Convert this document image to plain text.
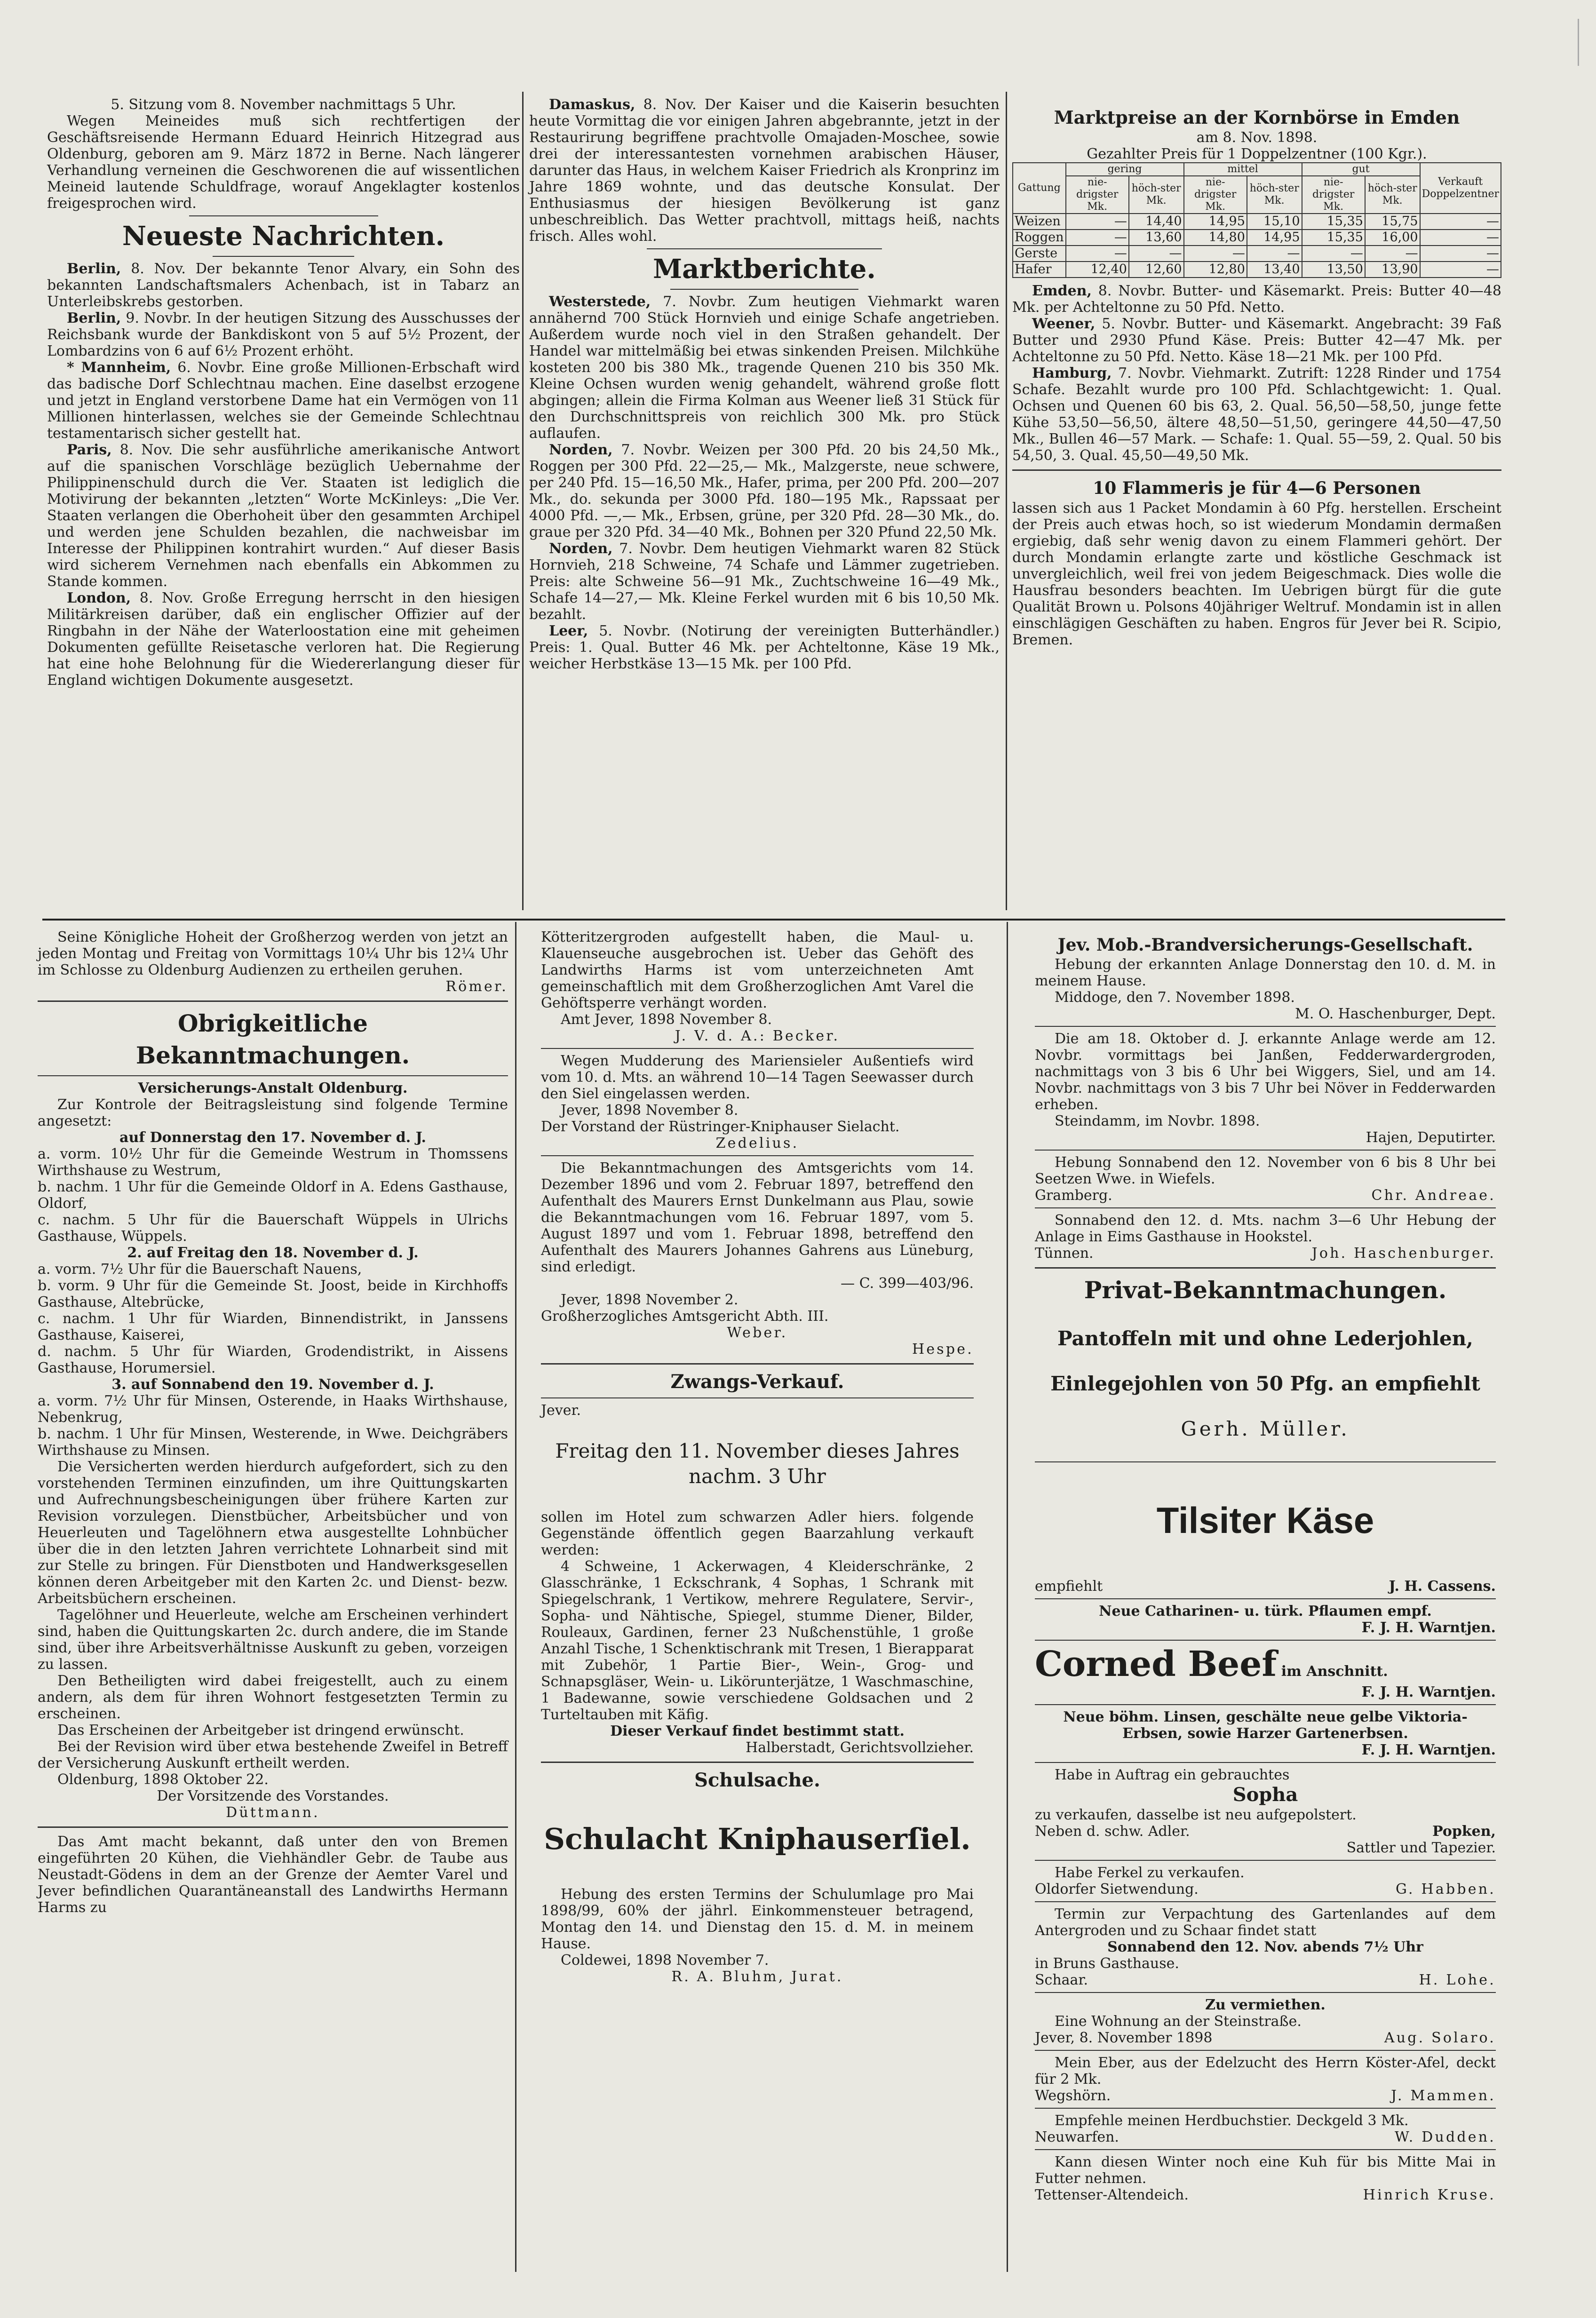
5. Sitzung vom 8. November nachmittags 5 Uhr.

Wegen Meineides muß sich rechtfertigen der Geschäftsreisende Hermann Eduard Heinrich Hitzegrad aus Oldenburg, geboren am 9. März 1872 in Berne. Nach längerer Verhandlung verneinen die Geschworenen die auf wissentlichen Meineid lautende Schuldfrage, worauf Angeklagter kostenlos freigesprochen wird.

Neueste Nachrichten.

Berlin, 8. Nov. Der bekannte Tenor Alvary, ein Sohn des bekannten Landschaftsmalers Achenbach, ist in Tabarz an Unterleibskrebs gestorben.

Berlin, 9. Novbr. In der heutigen Sitzung des Ausschusses der Reichsbank wurde der Bankdiskont von 5 auf 5½ Prozent, der Lombardzins von 6 auf 6½ Prozent erhöht.

* Mannheim, 6. Novbr. Eine große Millionen-Erbschaft wird das badische Dorf Schlechtnau machen. Eine daselbst erzogene und jetzt in England verstorbene Dame hat ein Vermögen von 11 Millionen hinterlassen, welches sie der Gemeinde Schlechtnau testamentarisch sicher gestellt hat.

Paris, 8. Nov. Die sehr ausführliche amerikanische Antwort auf die spanischen Vorschläge bezüglich Uebernahme der Philippinenschuld durch die Ver. Staaten ist lediglich die Motivirung der bekannten „letzten“ Worte McKinleys: „Die Ver. Staaten verlangen die Oberhoheit über den gesammten Archipel und werden jene Schulden bezahlen, die nachweisbar im Interesse der Philippinen kontrahirt wurden.“ Auf dieser Basis wird sicherem Vernehmen nach ebenfalls ein Abkommen zu Stande kommen.

London, 8. Nov. Große Erregung herrscht in den hiesigen Militärkreisen darüber, daß ein englischer Offizier auf der Ringbahn in der Nähe der Waterloostation eine mit geheimen Dokumenten gefüllte Reisetasche verloren hat. Die Regierung hat eine hohe Belohnung für die Wiedererlangung dieser für England wichtigen Dokumente ausgesetzt.

Damaskus, 8. Nov. Der Kaiser und die Kaiserin besuchten heute Vormittag die vor einigen Jahren abgebrannte, jetzt in der Restaurirung begriffene prachtvolle Omajaden-Moschee, sowie drei der interessantesten vornehmen arabischen Häuser, darunter das Haus, in welchem Kaiser Friedrich als Kronprinz im Jahre 1869 wohnte, und das deutsche Konsulat. Der Enthusiasmus der hiesigen Bevölkerung ist ganz unbeschreiblich. Das Wetter prachtvoll, mittags heiß, nachts frisch. Alles wohl.

Marktberichte.

Westerstede, 7. Novbr. Zum heutigen Viehmarkt waren annähernd 700 Stück Hornvieh und einige Schafe angetrieben. Außerdem wurde noch viel in den Straßen gehandelt. Der Handel war mittelmäßig bei etwas sinkenden Preisen. Milchkühe kosteten 200 bis 380 Mk., tragende Quenen 210 bis 350 Mk. Kleine Ochsen wurden wenig gehandelt, während große flott abgingen; allein die Firma Kolman aus Weener ließ 31 Stück für den Durchschnittspreis von reichlich 300 Mk. pro Stück auflaufen.

Norden, 7. Novbr. Weizen per 300 Pfd. 20 bis 24,50 Mk., Roggen per 300 Pfd. 22—25,— Mk., Malzgerste, neue schwere, per 240 Pfd. 15—16,50 Mk., Hafer, prima, per 200 Pfd. 200—207 Mk., do. sekunda per 3000 Pfd. 180—195 Mk., Rapssaat per 4000 Pfd. —,— Mk., Erbsen, grüne, per 320 Pfd. 28—30 Mk., do. graue per 320 Pfd. 34—40 Mk., Bohnen per 320 Pfund 22,50 Mk.

Norden, 7. Novbr. Dem heutigen Viehmarkt waren 82 Stück Hornvieh, 218 Schweine, 74 Schafe und Lämmer zugetrieben. Preis: alte Schweine 56—91 Mk., Zuchtschweine 16—49 Mk., Schafe 14—27,— Mk. Kleine Ferkel wurden mit 6 bis 10,50 Mk. bezahlt.

Leer, 5. Novbr. (Notirung der vereinigten Butterhändler.) Preis: 1. Qual. Butter 46 Mk. per Achteltonne, Käse 19 Mk., weicher Herbstkäse 13—15 Mk. per 100 Pfd.

Marktpreise an der Kornbörse in Emden

am 8. Nov. 1898.

Gezahlter Preis für 1 Doppelzentner (100 Kgr.).

Gattung	gering		mittel		gut		Verkauft Doppelzentner
	nie-drigster Mk.	höch-ster Mk.	nie-drigster Mk.	höch-ster Mk.	nie-drigster Mk.	höch-ster Mk.	
Weizen	—	14,40	14,95	15,10	15,35	15,75	—
Roggen	—	13,60	14,80	14,95	15,35	16,00	—
Gerste	—	—	—	—	—	—	—
Hafer	12,40	12,60	12,80	13,40	13,50	13,90	—

Emden, 8. Novbr. Butter- und Käsemarkt. Preis: Butter 40—48 Mk. per Achteltonne zu 50 Pfd. Netto.

Weener, 5. Novbr. Butter- und Käsemarkt. Angebracht: 39 Faß Butter und 2930 Pfund Käse. Preis: Butter 42—47 Mk. per Achteltonne zu 50 Pfd. Netto. Käse 18—21 Mk. per 100 Pfd.

Hamburg, 7. Novbr. Viehmarkt. Zutrift: 1228 Rinder und 1754 Schafe. Bezahlt wurde pro 100 Pfd. Schlachtgewicht: 1. Qual. Ochsen und Quenen 60 bis 63, 2. Qual. 56,50—58,50, junge fette Kühe 53,50—56,50, ältere 48,50—51,50, geringere 44,50—47,50 Mk., Bullen 46—57 Mark. — Schafe: 1. Qual. 55—59, 2. Qual. 50 bis 54,50, 3. Qual. 45,50—49,50 Mk.

10 Flammeris je für 4—6 Personen

lassen sich aus 1 Packet Mondamin à 60 Pfg. herstellen. Erscheint der Preis auch etwas hoch, so ist wiederum Mondamin dermaßen ergiebig, daß sehr wenig davon zu einem Flammeri gehört. Der durch Mondamin erlangte zarte und köstliche Geschmack ist unvergleichlich, weil frei von jedem Beigeschmack. Dies wolle die Hausfrau besonders beachten. Im Uebrigen bürgt für die gute Qualität Brown u. Polsons 40jähriger Weltruf. Mondamin ist in allen einschlägigen Geschäften zu haben. Engros für Jever bei R. Scipio, Bremen.

Seine Königliche Hoheit der Großherzog werden von jetzt an jeden Montag und Freitag von Vormittags 10¼ Uhr bis 12¼ Uhr im Schlosse zu Oldenburg Audienzen zu ertheilen geruhen.

Römer.

Obrigkeitliche Bekanntmachungen.

Versicherungs-Anstalt Oldenburg.

Zur Kontrole der Beitragsleistung sind folgende Termine angesetzt:

auf Donnerstag den 17. November d. J.

a. vorm. 10½ Uhr für die Gemeinde Westrum in Thomssens Wirthshause zu Westrum,

b. nachm. 1 Uhr für die Gemeinde Oldorf in A. Edens Gasthause, Oldorf,

c. nachm. 5 Uhr für die Bauerschaft Wüppels in Ulrichs Gasthause, Wüppels.

2. auf Freitag den 18. November d. J.

a. vorm. 7½ Uhr für die Bauerschaft Nauens,

b. vorm. 9 Uhr für die Gemeinde St. Joost, beide in Kirchhoffs Gasthause, Altebrücke,

c. nachm. 1 Uhr für Wiarden, Binnendistrikt, in Janssens Gasthause, Kaiserei,

d. nachm. 5 Uhr für Wiarden, Grodendistrikt, in Aissens Gasthause, Horumersiel.

3. auf Sonnabend den 19. November d. J.

a. vorm. 7½ Uhr für Minsen, Osterende, in Haaks Wirthshause, Nebenkrug,

b. nachm. 1 Uhr für Minsen, Westerende, in Wwe. Deichgräbers Wirthshause zu Minsen.

Die Versicherten werden hierdurch aufgefordert, sich zu den vorstehenden Terminen einzufinden, um ihre Quittungskarten und Aufrechnungsbescheinigungen über frühere Karten zur Revision vorzulegen. Dienstbücher, Arbeitsbücher und von Heuerleuten und Tagelöhnern etwa ausgestellte Lohnbücher über die in den letzten Jahren verrichtete Lohnarbeit sind mit zur Stelle zu bringen. Für Dienstboten und Handwerksgesellen können deren Arbeitgeber mit den Karten 2c. und Dienst- bezw. Arbeitsbüchern erscheinen.

Tagelöhner und Heuerleute, welche am Erscheinen verhindert sind, haben die Quittungskarten 2c. durch andere, die im Stande sind, über ihre Arbeitsverhältnisse Auskunft zu geben, vorzeigen zu lassen.

Den Betheiligten wird dabei freigestellt, auch zu einem andern, als dem für ihren Wohnort festgesetzten Termin zu erscheinen.

Das Erscheinen der Arbeitgeber ist dringend erwünscht.

Bei der Revision wird über etwa bestehende Zweifel in Betreff der Versicherung Auskunft ertheilt werden.

Oldenburg, 1898 Oktober 22.

Der Vorsitzende des Vorstandes.

Düttmann.

Das Amt macht bekannt, daß unter den von Bremen eingeführten 20 Kühen, die Viehhändler Gebr. de Taube aus Neustadt-Gödens in dem an der Grenze der Aemter Varel und Jever befindlichen Quarantäneanstall des Landwirths Hermann Harms zu

Kötteritzergroden aufgestellt haben, die Maul- u. Klauenseuche ausgebrochen ist. Ueber das Gehöft des Landwirths Harms ist vom unterzeichneten Amt gemeinschaftlich mit dem Großherzoglichen Amt Varel die Gehöftsperre verhängt worden.

Amt Jever, 1898 November 8.

J. V. d. A.: Becker.

Wegen Mudderung des Mariensieler Außentiefs wird vom 10. d. Mts. an während 10—14 Tagen Seewasser durch den Siel eingelassen werden.

Jever, 1898 November 8.

Der Vorstand der Rüstringer-Kniphauser Sielacht.

Zedelius.

Die Bekanntmachungen des Amtsgerichts vom 14. Dezember 1896 und vom 2. Februar 1897, betreffend den Aufenthalt des Maurers Ernst Dunkelmann aus Plau, sowie die Bekanntmachungen vom 16. Februar 1897, vom 5. August 1897 und vom 1. Februar 1898, betreffend den Aufenthalt des Maurers Johannes Gahrens aus Lüneburg, sind erledigt.

— C. 399—403/96.

Jever, 1898 November 2.

Großherzogliches Amtsgericht Abth. III.

Weber.

Hespe.

Zwangs-Verkauf.

Jever.

Freitag den 11. November dieses Jahres nachm. 3 Uhr

sollen im Hotel zum schwarzen Adler hiers. folgende Gegenstände öffentlich gegen Baarzahlung verkauft werden:

4 Schweine, 1 Ackerwagen, 4 Kleiderschränke, 2 Glasschränke, 1 Eckschrank, 4 Sophas, 1 Schrank mit Spiegelschrank, 1 Vertikow, mehrere Regulatere, Servir-, Sopha- und Nähtische, Spiegel, stumme Diener, Bilder, Rouleaux, Gardinen, ferner 23 Nußchenstühle, 1 große Anzahl Tische, 1 Schenktischrank mit Tresen, 1 Bierapparat mit Zubehör, 1 Partie Bier-, Wein-, Grog- und Schnapsgläser, Wein- u. Likörunterjätze, 1 Waschmaschine, 1 Badewanne, sowie verschiedene Goldsachen und 2 Turteltauben mit Käfig.

Dieser Verkauf findet bestimmt statt.

Halberstadt, Gerichtsvollzieher.

Schulsache.

Schulacht Kniphauserſiel.

Hebung des ersten Termins der Schulumlage pro Mai 1898/99, 60% der jährl. Einkommensteuer betragend, Montag den 14. und Dienstag den 15. d. M. in meinem Hause.

Coldewei, 1898 November 7.

R. A. Bluhm, Jurat.

Jev. Mob.-Brandversicherungs-Gesellschaft.

Hebung der erkannten Anlage Donnerstag den 10. d. M. in meinem Hause.

Middoge, den 7. November 1898.

M. O. Haschenburger, Dept.

Die am 18. Oktober d. J. erkannte Anlage werde am 12. Novbr. vormittags bei Janßen, Fedderwardergroden, nachmittags von 3 bis 6 Uhr bei Wiggers, Siel, und am 14. Novbr. nachmittags von 3 bis 7 Uhr bei Növer in Fedderwarden erheben.

Steindamm, im Novbr. 1898.

Hajen, Deputirter.

Hebung Sonnabend den 12. November von 6 bis 8 Uhr bei Seetzen Wwe. in Wiefels.

Gramberg.	Chr. Andreae.

Sonnabend den 12. d. Mts. nachm 3—6 Uhr Hebung der Anlage in Eims Gasthause in Hookstel.

Tünnen.	Joh. Haschenburger.

Privat-Bekanntmachungen.

Pantoffeln mit und ohne Lederjohlen,

Einlegejohlen von 50 Pfg. an empfiehlt

Gerh. Müller.

Tilsiter Käse

empfiehlt	J. H. Cassens.

Neue Catharinen- u. türk. Pflaumen empf.

F. J. H. Warntjen.

Corned Beef im Anschnitt.

F. J. H. Warntjen.

Neue böhm. Linsen, geschälte neue gelbe Viktoria-Erbsen, sowie Harzer Gartenerbsen.

F. J. H. Warntjen.

Habe in Auftrag ein gebrauchtes

Sopha

zu verkaufen, dasselbe ist neu aufgepolstert.

Neben d. schw. Adler.	Popken,

Sattler und Tapezier.

Habe Ferkel zu verkaufen.

Oldorfer Sietwendung.	G. Habben.

Termin zur Verpachtung des Gartenlandes auf dem Antergroden und zu Schaar findet statt

Sonnabend den 12. Nov. abends 7½ Uhr

in Bruns Gasthause.

Schaar.	H. Lohe.

Zu vermiethen.

Eine Wohnung an der Steinstraße.

Jever, 8. November 1898	Aug. Solaro.

Mein Eber, aus der Edelzucht des Herrn Köster-Afel, deckt für 2 Mk.

Wegshörn.	J. Mammen.

Empfehle meinen Herdbuchstier. Deckgeld 3 Mk.

Neuwarfen.	W. Dudden.

Kann diesen Winter noch eine Kuh für bis Mitte Mai in Futter nehmen.

Tettenser-Altendeich.	Hinrich Kruse.
